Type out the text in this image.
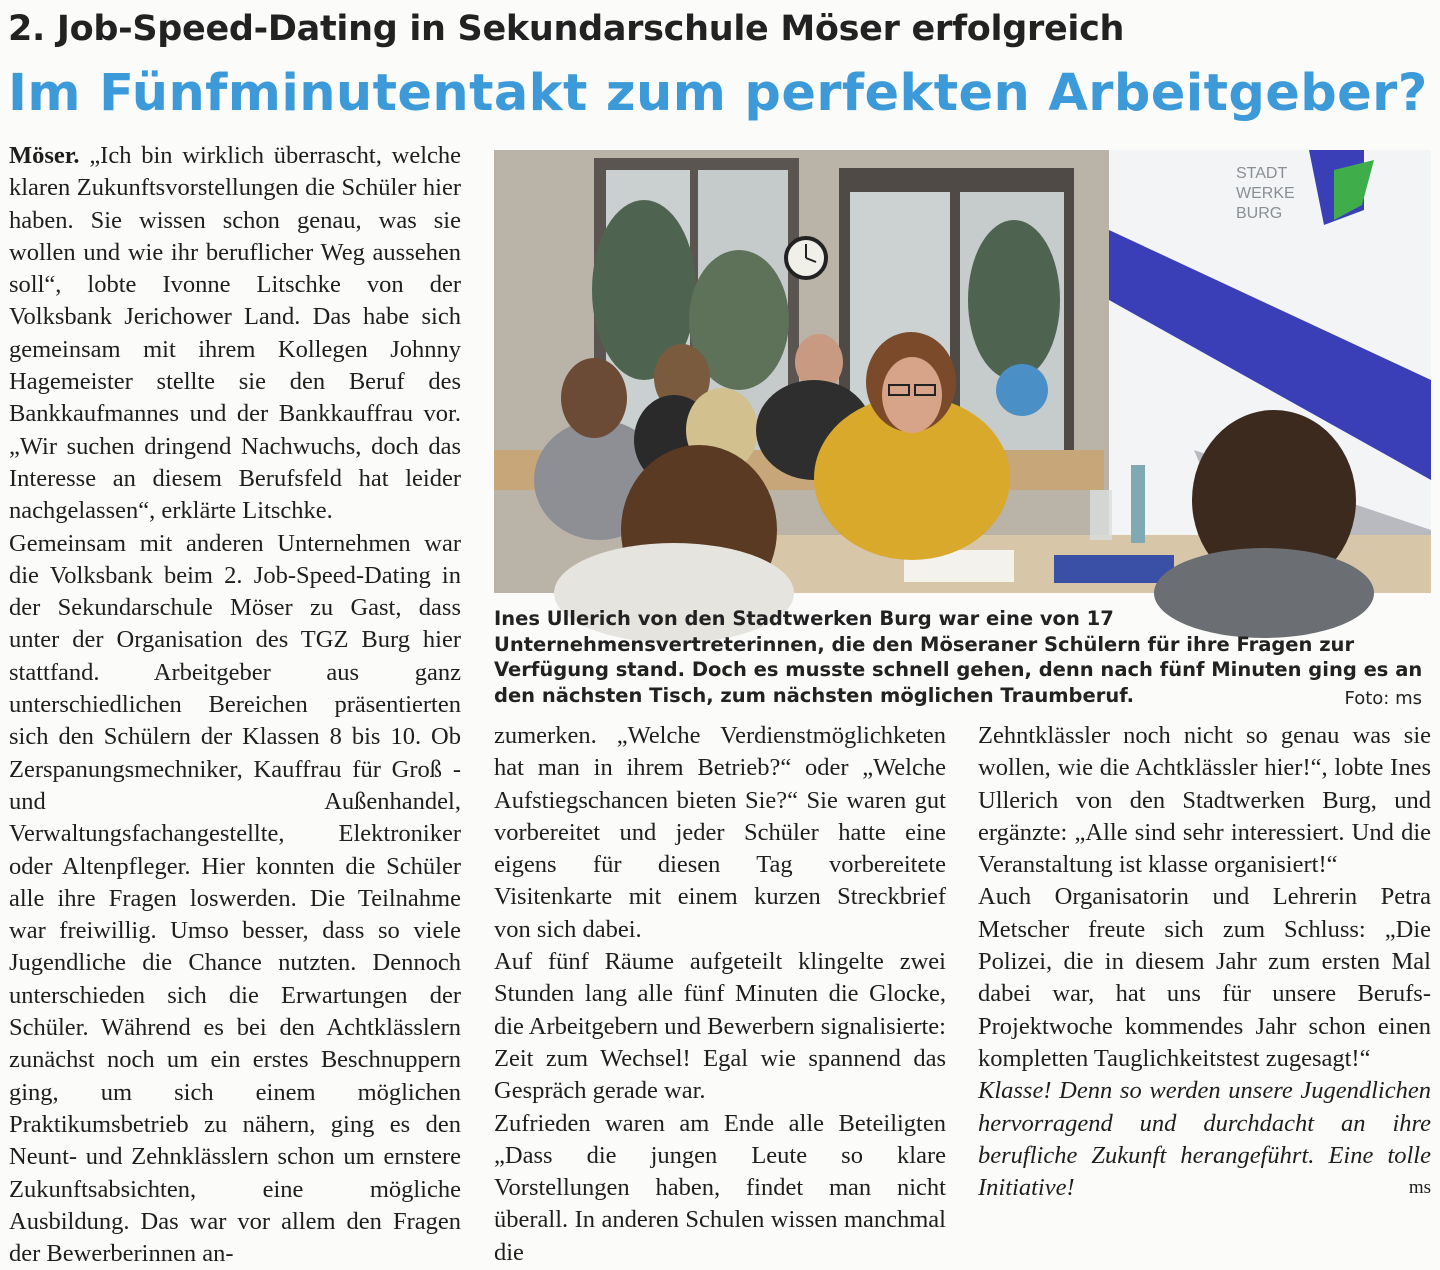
2. Job-Speed-Dating in Sekundarschule Möser erfolgreich
Im Fünfminutentakt zum perfekten Arbeitgeber?

Möser. „Ich bin wirklich überrascht, welche klaren Zukunftsvorstellungen die Schüler hier haben. Sie wissen schon genau, was sie wollen und wie ihr beruflicher Weg aussehen soll“, lobte Ivonne Litschke von der Volksbank Jerichower Land. Das habe sich gemeinsam mit ihrem Kollegen Johnny Hagemeister stellte sie den Beruf des Bankkaufmannes und der Bankkauffrau vor. „Wir suchen dringend Nachwuchs, doch das Interesse an diesem Berufsfeld hat leider nachgelassen“, erklärte Litschke.

Gemeinsam mit anderen Unternehmen war die Volksbank beim 2. Job-Speed-Dating in der Sekundarschule Möser zu Gast, dass unter der Organisation des TGZ Burg hier stattfand. Arbeitgeber aus ganz unterschiedlichen Bereichen präsentierten sich den Schülern der Klassen 8 bis 10. Ob Zerspanungsmechniker, Kauffrau für Groß -und Außenhandel, Verwaltungsfachangestellte, Elektroniker oder Altenpfleger. Hier konnten die Schüler alle ihre Fragen loswerden. Die Teilnahme war freiwillig. Umso besser, dass so viele Jugendliche die Chance nutzten. Dennoch unterschieden sich die Erwartungen der Schüler. Während es bei den Achtklässlern zunächst noch um ein erstes Beschnuppern ging, um sich einem möglichen Praktikumsbetrieb zu nähern, ging es den Neunt- und Zehnklässlern schon um ernstere Zukunftsabsichten, eine mögliche Ausbildung. Das war vor allem den Fragen der Bewerberinnen an-

STADT
WERKE
BURG
Ines Ullerich von den Stadtwerken Burg war eine von 17 Unternehmensvertreterinnen, die den Möseraner Schülern für ihre Fragen zur Verfügung stand. Doch es musste schnell gehen, denn nach fünf Minuten ging es an den nächsten Tisch, zum nächsten möglichen Traumberuf.	Foto: ms

zumerken. „Welche Verdienstmöglichketen hat man in ihrem Betrieb?“ oder „Welche Aufstiegschancen bieten Sie?“ Sie waren gut vorbereitet und jeder Schüler hatte eine eigens für diesen Tag vorbereitete Visitenkarte mit einem kurzen Streckbrief von sich dabei.

Auf fünf Räume aufgeteilt klingelte zwei Stunden lang alle fünf Minuten die Glocke, die Arbeitgebern und Bewerbern signalisierte: Zeit zum Wechsel! Egal wie spannend das Gespräch gerade war.

Zufrieden waren am Ende alle Beteiligten „Dass die jungen Leute so klare Vorstellungen haben, findet man nicht überall. In anderen Schulen wissen manchmal die

Zehntklässler noch nicht so genau was sie wollen, wie die Achtklässler hier!“, lobte Ines Ullerich von den Stadtwerken Burg, und ergänzte: „Alle sind sehr interessiert. Und die Veranstaltung ist klasse organisiert!“

Auch Organisatorin und Lehrerin Petra Metscher freute sich zum Schluss: „Die Polizei, die in diesem Jahr zum ersten Mal dabei war, hat uns für unsere Berufs-Projektwoche kommendes Jahr schon einen kompletten Tauglichkeitstest zugesagt!“

Klasse! Denn so werden unsere Jugendlichen hervorragend und durchdacht an ihre berufliche Zukunft herangeführt. Eine tolle Initiative!	ms
